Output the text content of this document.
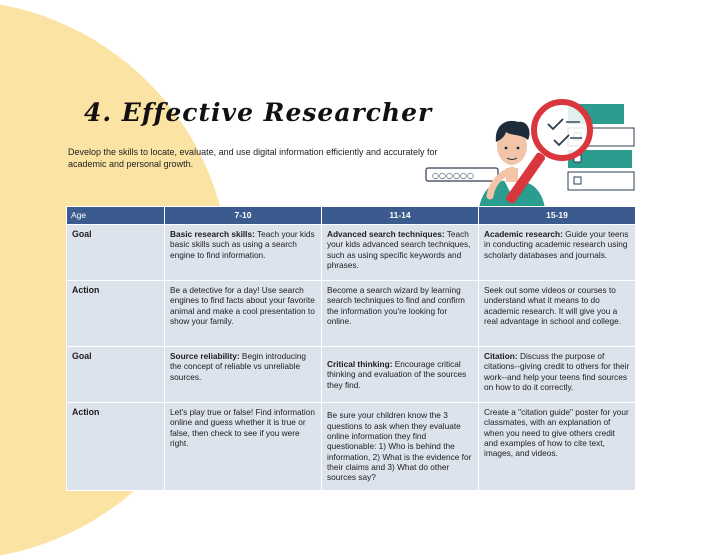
4. Effective Researcher
Develop the skills to locate, evaluate, and use digital information efficiently and accurately for academic and personal growth.
○○○○○○
Age	7-10	11-14	15-19
Goal	Basic research skills: Teach your kids basic skills such as using a search engine to find information.	Advanced search techniques: Teach your kids advanced search techniques, such as using specific keywords and phrases.	Academic research: Guide your teens in conducting academic research using scholarly databases and journals.
Action	Be a detective for a day! Use search engines to find facts about your favorite animal and make a cool presentation to show your family.	Become a search wizard by learning search techniques to find and confirm the information you're looking for online.	Seek out some videos or courses to understand what it means to do academic research. It will give you a real advantage in school and college.
Goal	Source reliability: Begin introducing the concept of reliable vs unreliable sources.	Critical thinking: Encourage critical thinking and evaluation of the sources they find.	Citation: Discuss the purpose of citations--giving credit to others for their work--and help your teens find sources on how to do it correctly.
Action	Let's play true or false! Find information online and guess whether it is true or false, then check to see if you were right.	Be sure your children know the 3 questions to ask when they evaluate online information they find questionable: 1) Who is behind the information, 2) What is the evidence for their claims and 3) What do other sources say?	Create a "citation guide" poster for your classmates, with an explanation of when you need to give others credit and examples of how to cite text, images, and videos.
